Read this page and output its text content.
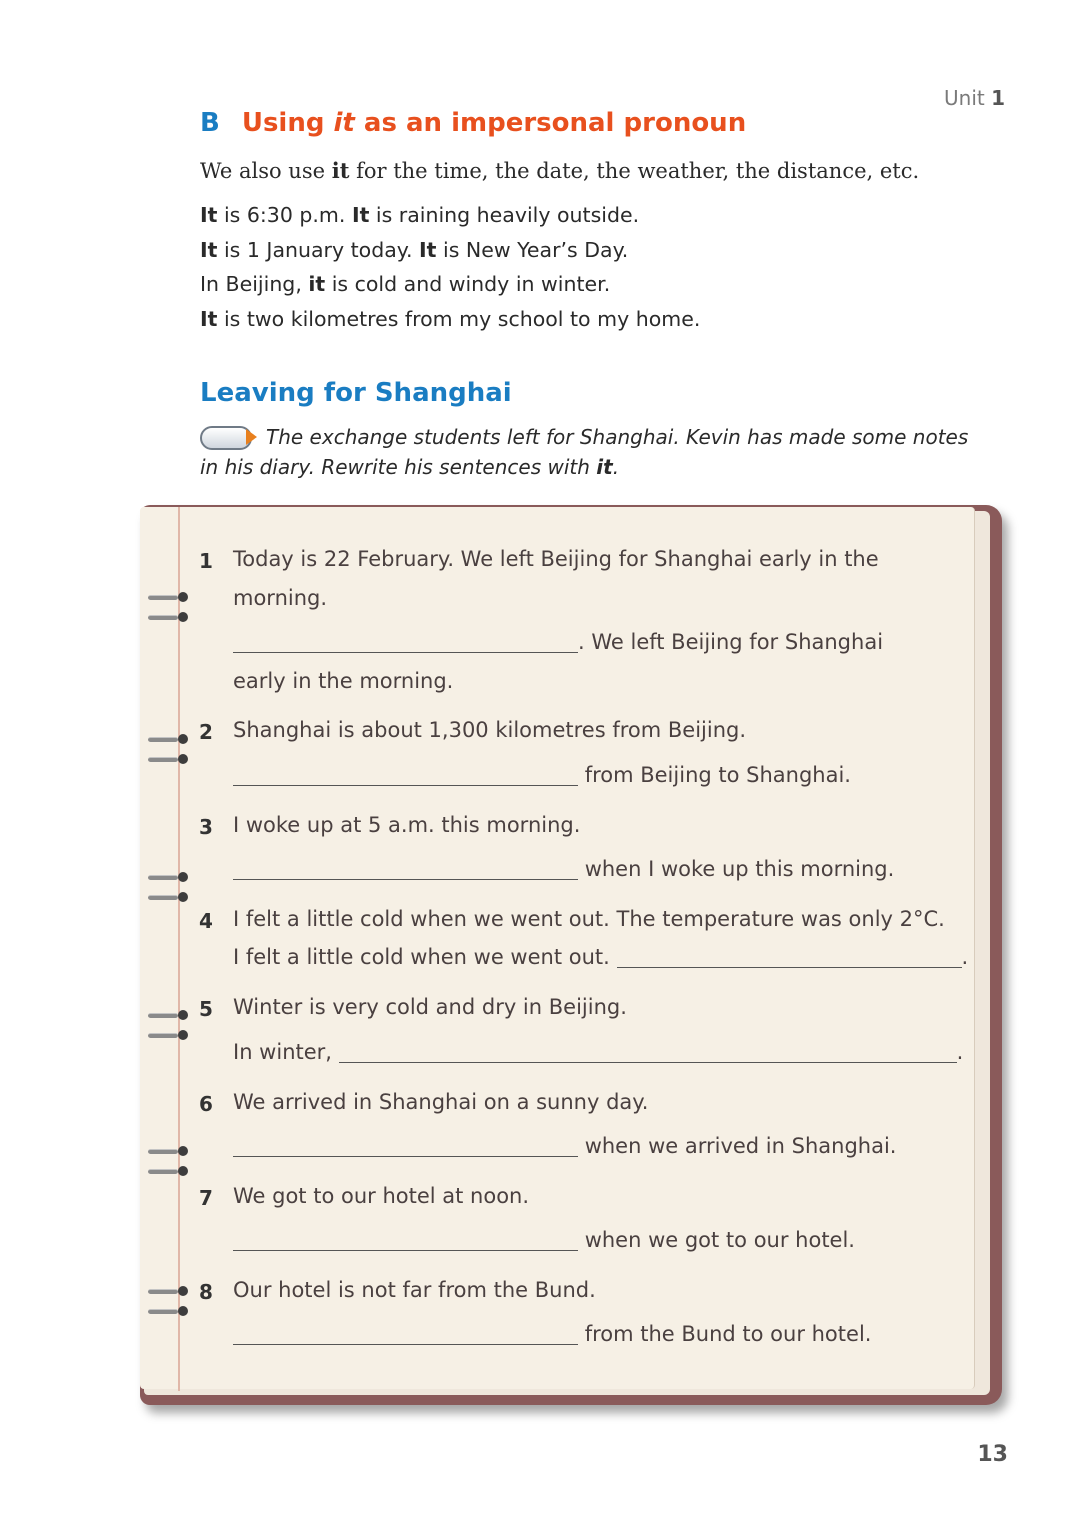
Unit 1
B Using it as an impersonal pronoun
We also use it for the time, the date, the weather, the distance, etc.
It is 6:30 p.m. It is raining heavily outside.
It is 1 January today. It is New Year’s Day.
In Beijing, it is cold and windy in winter.
It is two kilometres from my school to my home.
Leaving for Shanghai
The exchange students left for Shanghai. Kevin has made some notes in his diary. Rewrite his sentences with it.
1 Today is 22 February. We left Beijing for Shanghai early in the
morning.
. We left Beijing for Shanghai
early in the morning.
2 Shanghai is about 1,300 kilometres from Beijing.
from Beijing to Shanghai.
3 I woke up at 5 a.m. this morning.
when I woke up this morning.
4 I felt a little cold when we went out. The temperature was only 2°C.
I felt a little cold when we went out.	.
5 Winter is very cold and dry in Beijing.
In winter,	.
6 We arrived in Shanghai on a sunny day.
when we arrived in Shanghai.
7 We got to our hotel at noon.
when we got to our hotel.
8 Our hotel is not far from the Bund.
from the Bund to our hotel.
13
